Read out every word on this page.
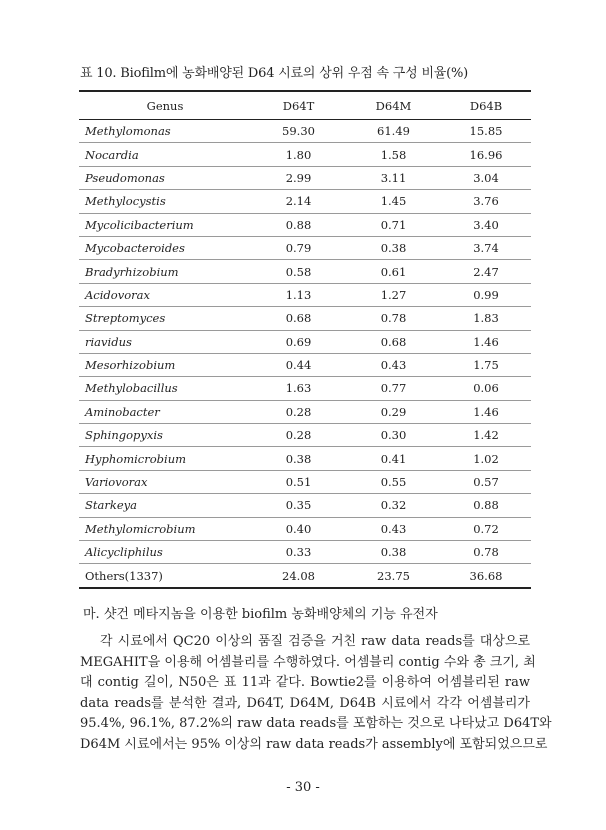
표 10. Biofilm에 농화배양된 D64 시료의 상위 우점 속 구성 비율(%)
Genus	D64T	D64M	D64B
Methylomonas	59.30	61.49	15.85
Nocardia	1.80	1.58	16.96
Pseudomonas	2.99	3.11	3.04
Methylocystis	2.14	1.45	3.76
Mycolicibacterium	0.88	0.71	3.40
Mycobacteroides	0.79	0.38	3.74
Bradyrhizobium	0.58	0.61	2.47
Acidovorax	1.13	1.27	0.99
Streptomyces	0.68	0.78	1.83
riavidus	0.69	0.68	1.46
Mesorhizobium	0.44	0.43	1.75
Methylobacillus	1.63	0.77	0.06
Aminobacter	0.28	0.29	1.46
Sphingopyxis	0.28	0.30	1.42
Hyphomicrobium	0.38	0.41	1.02
Variovorax	0.51	0.55	0.57
Starkeya	0.35	0.32	0.88
Methylomicrobium	0.40	0.43	0.72
Alicycliphilus	0.33	0.38	0.78
Others(1337)	24.08	23.75	36.68
마. 샷건 메타지놈을 이용한 biofilm 농화배양체의 기능 유전자
각 시료에서 QC20 이상의 품질 검증을 거친 raw data reads를 대상으로
MEGAHIT을 이용해 어셈블리를 수행하였다. 어셈블리 contig 수와 총 크기, 최
대 contig 길이, N50은 표 11과 같다. Bowtie2를 이용하여 어셈블리된 raw
data reads를 분석한 결과, D64T, D64M, D64B 시료에서 각각 어셈블리가
95.4%, 96.1%, 87.2%의 raw data reads를 포함하는 것으로 나타났고 D64T와
D64M 시료에서는 95% 이상의 raw data reads가 assembly에 포함되었으므로
- 30 -
